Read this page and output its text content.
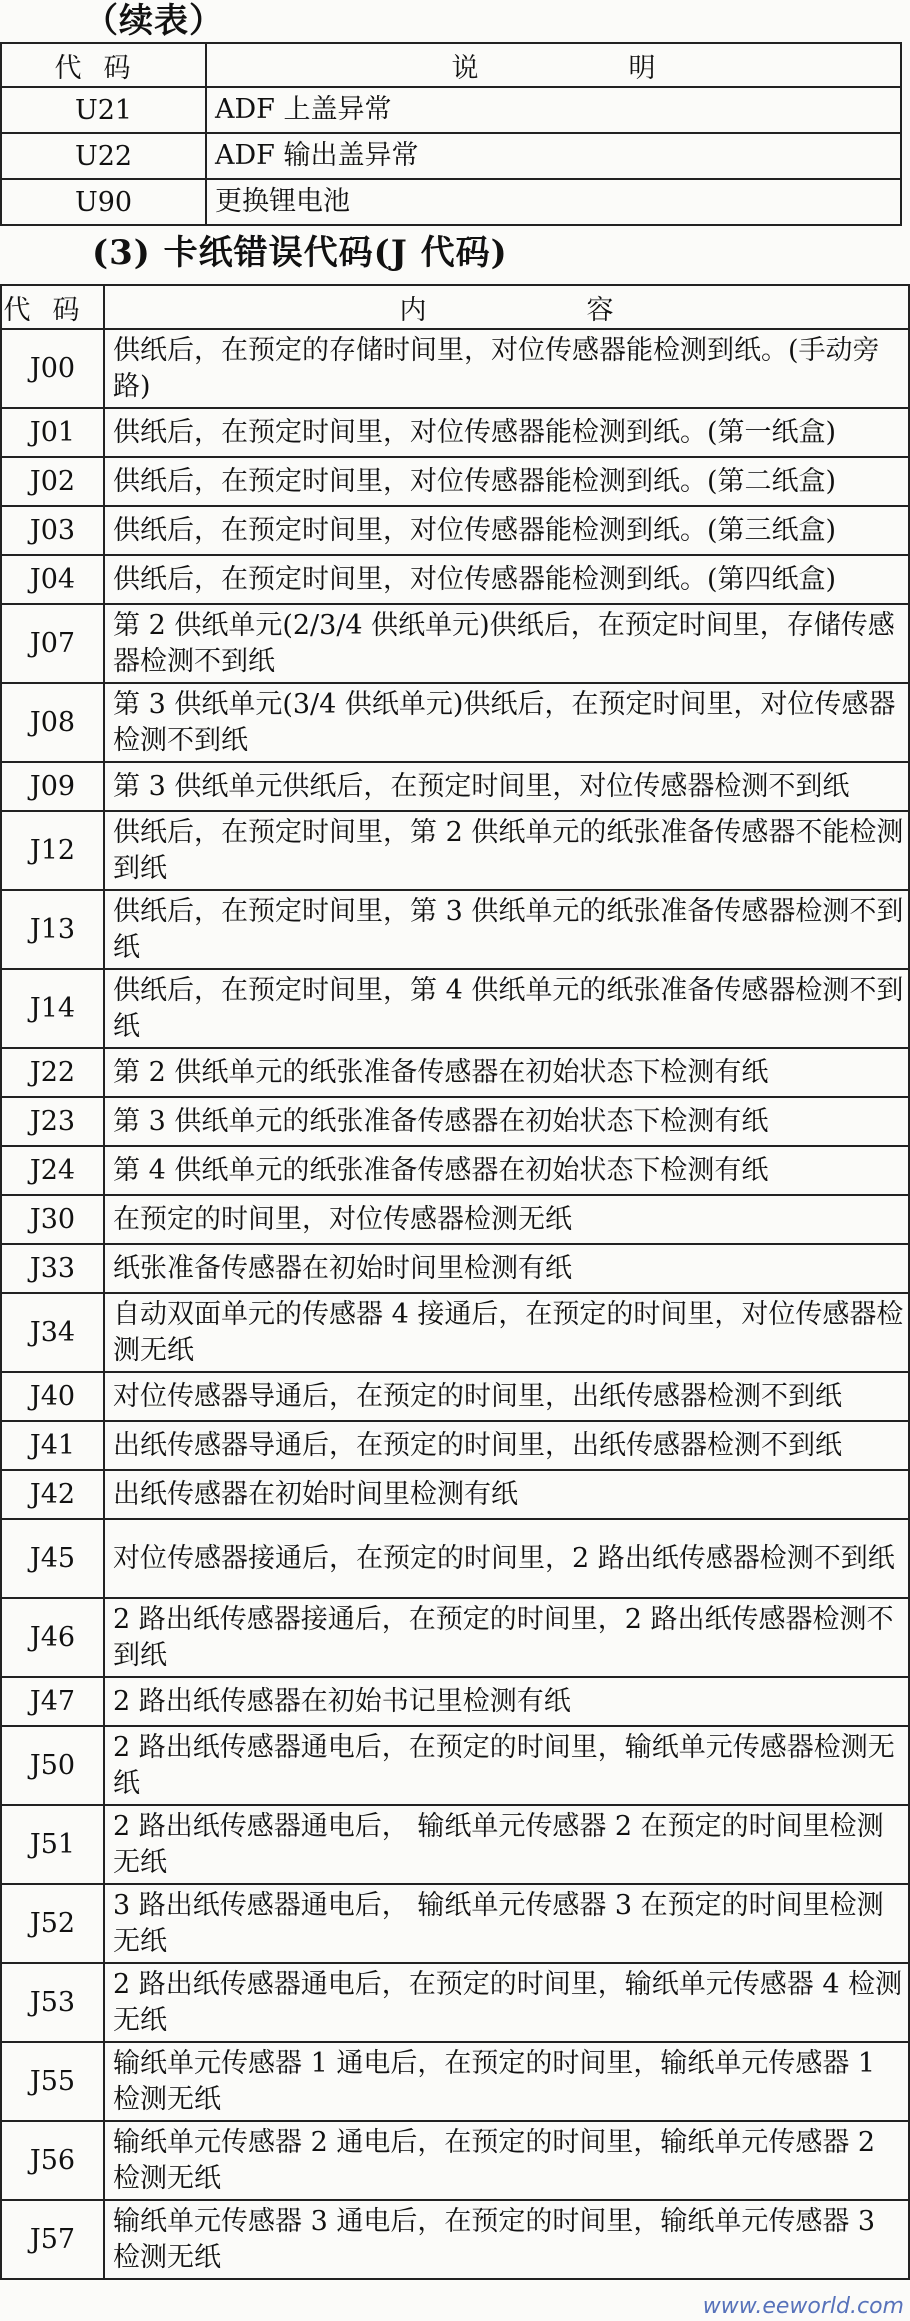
（续表）
代码	说明
U21	ADF 上盖异常
U22	ADF 输出盖异常
U90	更换锂电池
(3) 卡纸错误代码(J 代码)
代码	内容
J00	供纸后，在预定的存储时间里，对位传感器能检测到纸。(手动旁路)
J01	供纸后，在预定时间里，对位传感器能检测到纸。(第一纸盒)
J02	供纸后，在预定时间里，对位传感器能检测到纸。(第二纸盒)
J03	供纸后，在预定时间里，对位传感器能检测到纸。(第三纸盒)
J04	供纸后，在预定时间里，对位传感器能检测到纸。(第四纸盒)
J07	第 2 供纸单元(2/3/4 供纸单元)供纸后，在预定时间里，存储传感器检测不到纸
J08	第 3 供纸单元(3/4 供纸单元)供纸后，在预定时间里，对位传感器检测不到纸
J09	第 3 供纸单元供纸后，在预定时间里，对位传感器检测不到纸
J12	供纸后，在预定时间里，第 2 供纸单元的纸张准备传感器不能检测到纸
J13	供纸后，在预定时间里，第 3 供纸单元的纸张准备传感器检测不到纸
J14	供纸后，在预定时间里，第 4 供纸单元的纸张准备传感器检测不到纸
J22	第 2 供纸单元的纸张准备传感器在初始状态下检测有纸
J23	第 3 供纸单元的纸张准备传感器在初始状态下检测有纸
J24	第 4 供纸单元的纸张准备传感器在初始状态下检测有纸
J30	在预定的时间里，对位传感器检测无纸
J33	纸张准备传感器在初始时间里检测有纸
J34	自动双面单元的传感器 4 接通后，在预定的时间里，对位传感器检测无纸
J40	对位传感器导通后，在预定的时间里，出纸传感器检测不到纸
J41	出纸传感器导通后，在预定的时间里，出纸传感器检测不到纸
J42	出纸传感器在初始时间里检测有纸
J45	对位传感器接通后，在预定的时间里，2 路出纸传感器检测不到纸
J46	2 路出纸传感器接通后，在预定的时间里，2 路出纸传感器检测不到纸
J47	2 路出纸传感器在初始书记里检测有纸
J50	2 路出纸传感器通电后，在预定的时间里，输纸单元传感器检测无纸
J51	2 路出纸传感器通电后， 输纸单元传感器 2 在预定的时间里检测无纸
J52	3 路出纸传感器通电后， 输纸单元传感器 3 在预定的时间里检测无纸
J53	2 路出纸传感器通电后，在预定的时间里，输纸单元传感器 4 检测无纸
J55	输纸单元传感器 1 通电后，在预定的时间里，输纸单元传感器 1 检测无纸
J56	输纸单元传感器 2 通电后，在预定的时间里，输纸单元传感器 2 检测无纸
J57	输纸单元传感器 3 通电后，在预定的时间里，输纸单元传感器 3 检测无纸
www.eeworld.com
